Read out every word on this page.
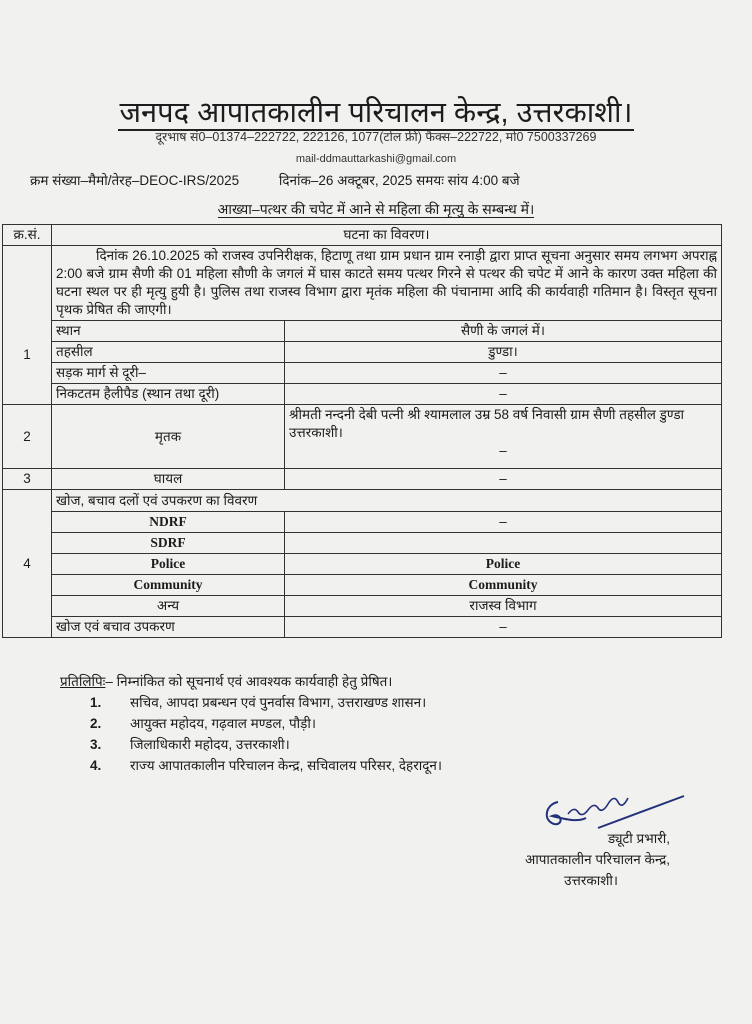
जनपद आपातकालीन परिचालन केन्द्र, उत्तरकाशी।
दूरभाष सं0–01374–222722, 222126, 1077(टोल फ्री) फैक्स–222722, मो0 7500337269
mail-ddmauttarkashi@gmail.com
क्रम संख्या–मैमो/तेरह–DEOC-IRS/2025	दिनांक–26 अक्टूबर, 2025 समयः सांय 4:00 बजे
आख्या–पत्थर की चपेट में आने से महिला की मृत्यु के सम्बन्ध में।
क्र.सं.	घटना का विवरण।	
1	दिनांक 26.10.2025 को राजस्व उपनिरीक्षक, हिटाणू तथा ग्राम प्रधान ग्राम रनाड़ी द्वारा प्राप्त सूचना अनुसार समय लगभग अपराह्न 2:00 बजे ग्राम सैणी की 01 महिला सौणी के जगलं में घास काटते समय पत्थर गिरने से पत्थर की चपेट में आने के कारण उक्त महिला की घटना स्थल पर ही मृत्यु हुयी है। पुलिस तथा राजस्व विभाग द्वारा मृतंक महिला की पंचानामा आदि की कार्यवाही गतिमान है। विस्तृत सूचना पृथक प्रेषित की जाएगी।	
	स्थान	सैणी के जगलं में।
	तहसील	डुण्डा।
	सड़क मार्ग से दूरी–	–
	निकटतम हैलीपैड (स्थान तथा दूरी)	–
2	मृतक	श्रीमती नन्दनी देबी पत्नी श्री श्यामलाल उम्र 58 वर्ष निवासी ग्राम सैणी तहसील डुण्डा उत्तरकाशी।
–

3	घायल	–
4	खोज, बचाव दलों एवं उपकरण का विवरण	
	NDRF	–
	SDRF	
	Police	Police
	Community	Community
	अन्य	राजस्व विभाग
	खोज एवं बचाव उपकरण	–
प्रतिलिपिः– निम्नांकित को सूचनार्थ एवं आवश्यक कार्यवाही हेतु प्रेषित।
1. सचिव, आपदा प्रबन्धन एवं पुनर्वास विभाग, उत्तराखण्ड शासन।
2. आयुक्त महोदय, गढ़वाल मण्डल, पौड़ी।
3. जिलाधिकारी महोदय, उत्तरकाशी।
4. राज्य आपातकालीन परिचालन केन्द्र, सचिवालय परिसर, देहरादून।
ड्यूटी प्रभारी,
आपातकालीन परिचालन केन्द्र,
उत्तरकाशी।
